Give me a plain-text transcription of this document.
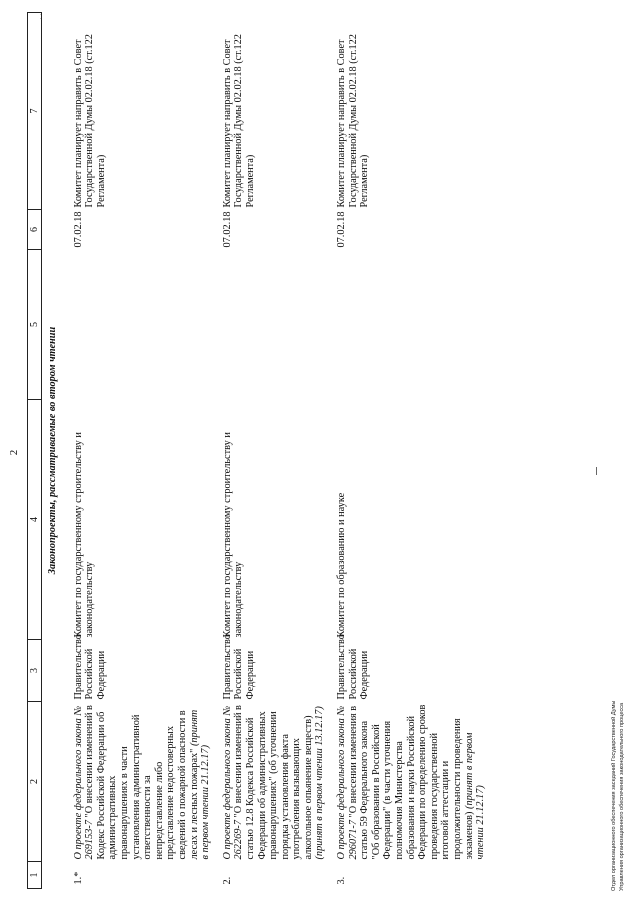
2
1	2	3	4	5	6	7
Законопроекты, рассматриваемые во втором чтении						
1.*	О проекте федерального закона № 269153-7 "О внесении изменений в Кодекс Российской Федерации об административных правонарушениях в части установления административной ответственности за непредставление либо представление недостоверных сведений о пожарной опасности в лесах и лесных пожарах" (принят в первом чтении 21.12.17)	Правительство Российской Федерации	Комитет по государственному строительству и законодательству		07.02.18	Комитет планирует направить в Совет Государственной Думы 02.02.18 (ст.122 Регламента)
2.	О проекте федерального закона № 262269-7 "О внесении изменений в статью 12.8 Кодекса Российской Федерации об административных правонарушениях" (об уточнении порядка установления факта употребления вызывающих алкогольное опьянение веществ) (принят в первом чтении 13.12.17)	Правительство Российской Федерации	Комитет по государственному строительству и законодательству		07.02.18	Комитет планирует направить в Совет Государственной Думы 02.02.18 (ст.122 Регламента)
3.	О проекте федерального закона № 296071-7 "О внесении изменения в статью 59 Федерального закона "Об образовании в Российской Федерации" (в части уточнения полномочия Министерства образования и науки Российской Федерации по определению сроков проведения государственной итоговой аттестации и продолжительности проведения экзаменов) (принят в первом чтении 21.12.17)	Правительство Российской Федерации	Комитет по образованию и науке		07.02.18	Комитет планирует направить в Совет Государственной Думы 02.02.18 (ст.122 Регламента)
.  .
Отдел организационного обеспечения заседаний Государственной Думы Управления организационного обеспечения законодательного процесса
